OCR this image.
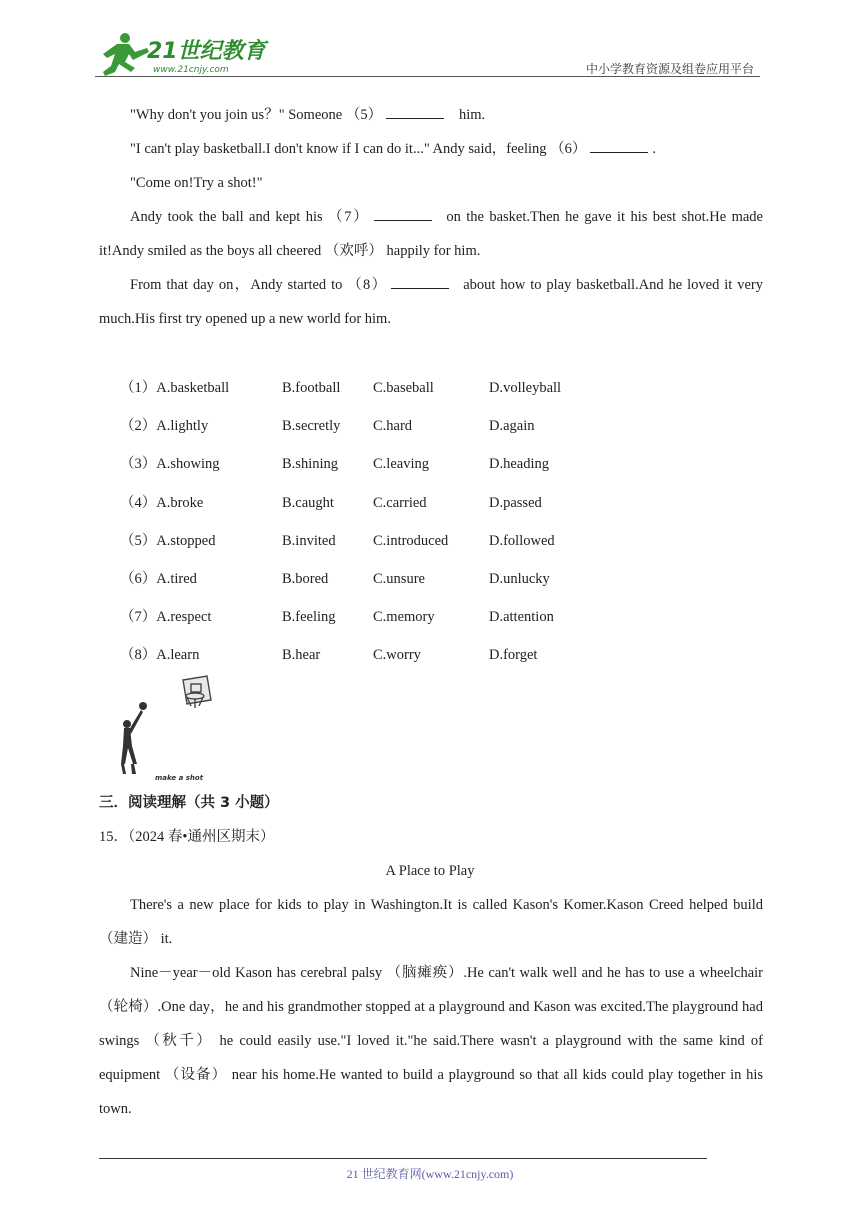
21世纪教育
www.21cnjy.com	中小学教育资源及组卷应用平台

"Why don't you join us？" Someone （5）	him.

"I can't play basketball.I don't know if I can do it..." Andy said，feeling （6）	.

"Come on!Try a shot!"

Andy took the ball and kept his （7）	on the basket.Then he gave it his best shot.He made it!Andy smiled as the boys all cheered （欢呼） happily for him.

From that day on，Andy started to （8）	about how to play basketball.And he loved it very much.His first try opened up a new world for him.

（1）A.basketball	B.football C.baseball	D.volleyball
（2）A.lightly	B.secretly C.hard	D.again
（3）A.showing	B.shining C.leaving	D.heading
（4）A.broke	B.caught	C.carried	D.passed
（5）A.stopped	B.invited	C.introduced	D.followed
（6）A.tired	B.bored	C.unsure	D.unlucky
（7）A.respect	B.feeling	C.memory	D.attention
（8）A.learn	B.hear	C.worry	D.forget
make a shot
三．阅读理解（共 3 小题）
15．（2024 春•通州区期末）
A Place to Play

There's a new place for kids to play in Washington.It is called Kason's Komer.Kason Creed helped build （建造） it.

Nine－year－old Kason has cerebral palsy （脑瘫痪）.He can't walk well and he has to use a wheelchair（轮椅）.One day，he and his grandmother stopped at a playground and Kason was excited.The playground had swings （秋千） he could easily use."I loved it."he said.There wasn't a playground with the same kind of equipment （设备） near his home.He wanted to build a playground so that all kids could play together in his town.

21 世纪教育网(www.21cnjy.com)
